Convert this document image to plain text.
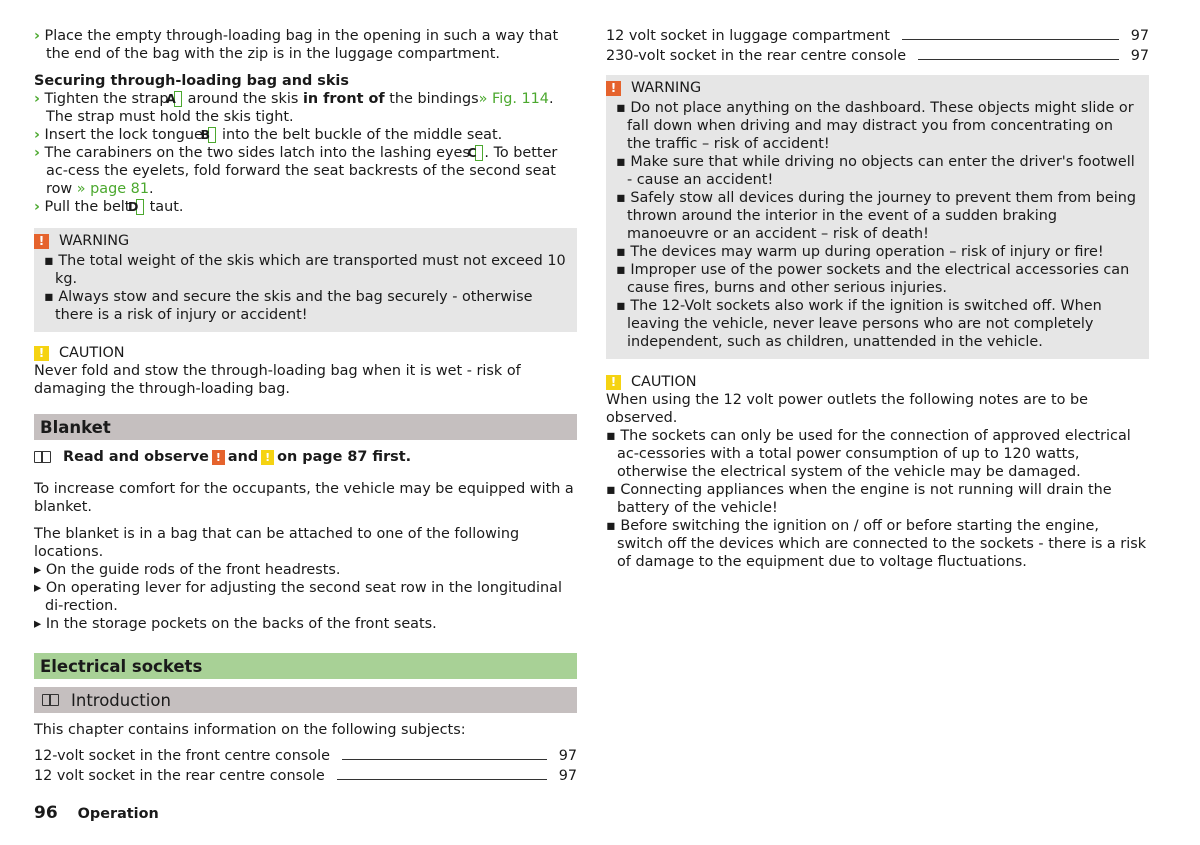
› Place the empty through-loading bag in the opening in such a way that the end of the bag with the zip is in the luggage compartment.

Securing through-loading bag and skis

› Tighten the strap A around the skis in front of the bindings» Fig. 114. The strap must hold the skis tight.

› Insert the lock tongue B into the belt buckle of the middle seat.

› The carabiners on the two sides latch into the lashing eyes C . To better ac-cess the eyelets, fold forward the seat backrests of the second seat row » page 81.

› Pull the belt D taut.

!	WARNING

▪ The total weight of the skis which are transported must not exceed 10 kg.

▪ Always stow and secure the skis and the bag securely - otherwise there is a risk of injury or accident!

!	CAUTION

Never fold and stow the through-loading bag when it is wet - risk of damaging the through-loading bag.

Blanket
Read and observe ! and ! on page 87 first.

To increase comfort for the occupants, the vehicle may be equipped with a blanket.

The blanket is in a bag that can be attached to one of the following locations.

▸ On the guide rods of the front headrests.

▸ On operating lever for adjusting the second seat row in the longitudinal di-rection.

▸ In the storage pockets on the backs of the front seats.

Electrical sockets
Introduction

This chapter contains information on the following subjects:

12-volt socket in the front centre console	97
12 volt socket in the rear centre console	97
12 volt socket in luggage compartment	97
230-volt socket in the rear centre console	97
!	WARNING

▪ Do not place anything on the dashboard. These objects might slide or fall down when driving and may distract you from concentrating on the traffic – risk of accident!

▪ Make sure that while driving no objects can enter the driver's footwell - cause an accident!

▪ Safely stow all devices during the journey to prevent them from being thrown around the interior in the event of a sudden braking manoeuvre or an accident – risk of death!

▪ The devices may warm up during operation – risk of injury or fire!

▪ Improper use of the power sockets and the electrical accessories can cause fires, burns and other serious injuries.

▪ The 12-Volt sockets also work if the ignition is switched off. When leaving the vehicle, never leave persons who are not completely independent, such as children, unattended in the vehicle.

!	CAUTION

When using the 12 volt power outlets the following notes are to be observed.

▪ The sockets can only be used for the connection of approved electrical ac-cessories with a total power consumption of up to 120 watts, otherwise the electrical system of the vehicle may be damaged.

▪ Connecting appliances when the engine is not running will drain the battery of the vehicle!

▪ Before switching the ignition on / off or before starting the engine, switch off the devices which are connected to the sockets - there is a risk of damage to the equipment due to voltage fluctuations.

96 Operation
